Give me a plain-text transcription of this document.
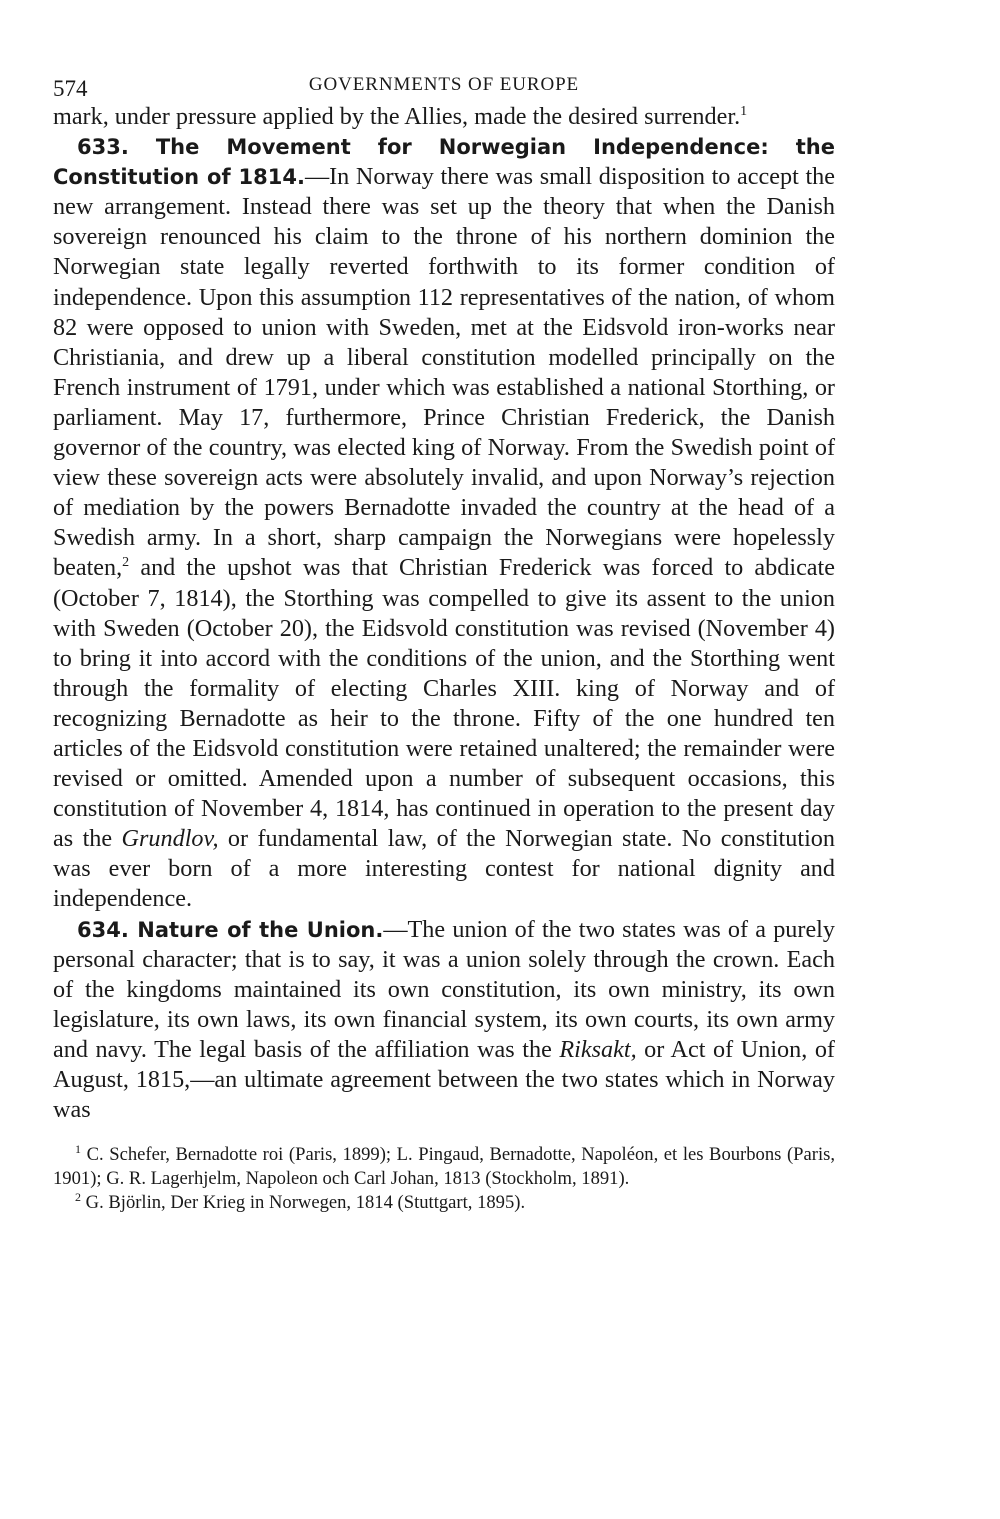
574	GOVERNMENTS OF EUROPE

mark, under pressure applied by the Allies, made the desired surrender.$^1$

633. The Movement for Norwegian Independence: the Constitution of 1814.—In Norway there was small disposition to accept the new arrangement. Instead there was set up the theory that when the Danish sovereign renounced his claim to the throne of his northern dominion the Norwegian state legally reverted forthwith to its former condition of independence. Upon this assumption 112 representatives of the nation, of whom 82 were opposed to union with Sweden, met at the Eidsvold iron-works near Christiania, and drew up a liberal constitution modelled principally on the French instrument of 1791, under which was established a national Storthing, or parliament. May 17, furthermore, Prince Christian Frederick, the Danish governor of the country, was elected king of Norway. From the Swedish point of view these sovereign acts were absolutely invalid, and upon Norway’s rejection of mediation by the powers Bernadotte invaded the country at the head of a Swedish army. In a short, sharp campaign the Norwegians were hopelessly beaten,$^2$ and the upshot was that Christian Frederick was forced to abdicate (October 7, 1814), the Storthing was compelled to give its assent to the union with Sweden (October 20), the Eidsvold constitution was revised (November 4) to bring it into accord with the conditions of the union, and the Storthing went through the formality of electing Charles XIII. king of Norway and of recognizing Bernadotte as heir to the throne. Fifty of the one hundred ten articles of the Eidsvold constitution were retained unaltered; the remainder were revised or omitted. Amended upon a number of subsequent occasions, this constitution of November 4, 1814, has continued in operation to the present day as the Grundlov, or fundamental law, of the Norwegian state. No constitution was ever born of a more interesting contest for national dignity and independence.

634. Nature of the Union.—The union of the two states was of a purely personal character; that is to say, it was a union solely through the crown. Each of the kingdoms maintained its own constitution, its own ministry, its own legislature, its own laws, its own financial system, its own courts, its own army and navy. The legal basis of the affiliation was the Riksakt, or Act of Union, of August, 1815,—an ultimate agreement between the two states which in Norway was

$^1$ C. Schefer, Bernadotte roi (Paris, 1899); L. Pingaud, Bernadotte, Napoléon, et les Bourbons (Paris, 1901); G. R. Lagerhjelm, Napoleon och Carl Johan, 1813 (Stockholm, 1891).

$^2$ G. Björlin, Der Krieg in Norwegen, 1814 (Stuttgart, 1895).
